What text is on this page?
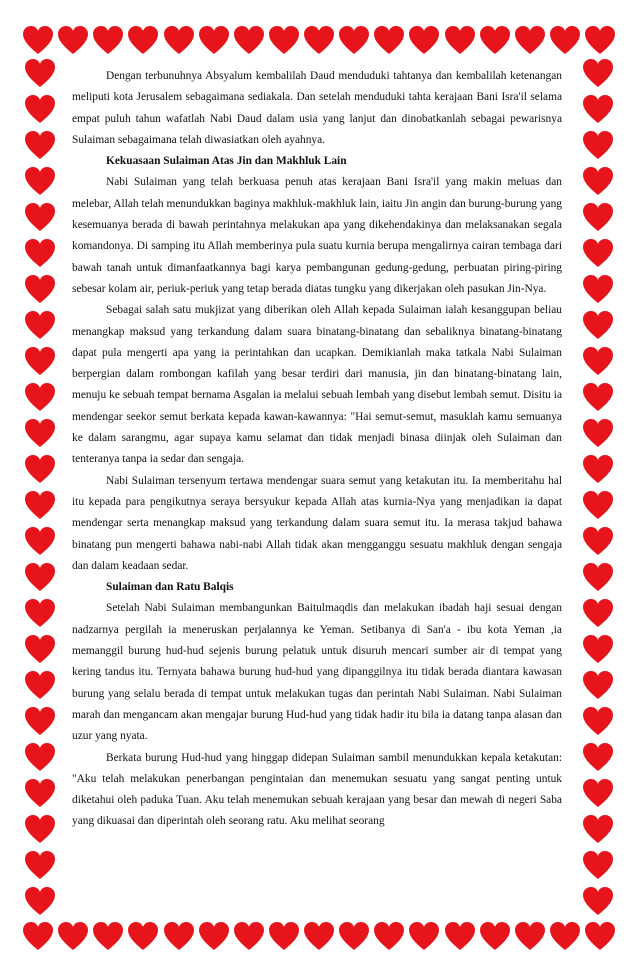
Dengan terbunuhnya Absyalum kembalilah Daud menduduki tahtanya dan kembalilah ketenangan meliputi kota Jerusalem sebagaimana sediakala. Dan setelah menduduki tahta kerajaan Bani Isra'il selama empat puluh tahun wafatlah Nabi Daud dalam usia yang lanjut dan dinobatkanlah sebagai pewarisnya Sulaiman sebagaimana telah diwasiatkan oleh ayahnya.

Kekuasaan Sulaiman Atas Jin dan Makhluk Lain

Nabi Sulaiman yang telah berkuasa penuh atas kerajaan Bani Isra'il yang makin meluas dan melebar, Allah telah menundukkan baginya makhluk-makhluk lain, iaitu Jin angin dan burung-burung yang kesemuanya berada di bawah perintahnya melakukan apa yang dikehendakinya dan melaksanakan segala komandonya. Di samping itu Allah memberinya pula suatu kurnia berupa mengalirnya cairan tembaga dari bawah tanah untuk dimanfaatkannya bagi karya pembangunan gedung-gedung, perbuatan piring-piring sebesar kolam air, periuk-periuk yang tetap berada diatas tungku yang dikerjakan oleh pasukan Jin-Nya.

Sebagai salah satu mukjizat yang diberikan oleh Allah kepada Sulaiman ialah kesanggupan beliau menangkap maksud yang terkandung dalam suara binatang-binatang dan sebaliknya binatang-binatang dapat pula mengerti apa yang ia perintahkan dan ucapkan. Demikianlah maka tatkala Nabi Sulaiman berpergian dalam rombongan kafilah yang besar terdiri dari manusia, jin dan binatang-binatang lain, menuju ke sebuah tempat bernama Asgalan ia melalui sebuah lembah yang disebut lembah semut. Disitu ia mendengar seekor semut berkata kepada kawan-kawannya: "Hai semut-semut, masuklah kamu semuanya ke dalam sarangmu, agar supaya kamu selamat dan tidak menjadi binasa diinjak oleh Sulaiman dan tenteranya tanpa ia sedar dan sengaja.

Nabi Sulaiman tersenyum tertawa mendengar suara semut yang ketakutan itu. Ia memberitahu hal itu kepada para pengikutnya seraya bersyukur kepada Allah atas kurnia-Nya yang menjadikan ia dapat mendengar serta menangkap maksud yang terkandung dalam suara semut itu. Ia merasa takjud bahawa binatang pun mengerti bahawa nabi-nabi Allah tidak akan mengganggu sesuatu makhluk dengan sengaja dan dalam keadaan sedar.

Sulaiman dan Ratu Balqis

Setelah Nabi Sulaiman membangunkan Baitulmaqdis dan melakukan ibadah haji sesuai dengan nadzarnya pergilah ia meneruskan perjalannya ke Yeman. Setibanya di San'a - ibu kota Yeman ,ia memanggil burung hud-hud sejenis burung pelatuk untuk disuruh mencari sumber air di tempat yang kering tandus itu. Ternyata bahawa burung hud-hud yang dipanggilnya itu tidak berada diantara kawasan burung yang selalu berada di tempat untuk melakukan tugas dan perintah Nabi Sulaiman. Nabi Sulaiman marah dan mengancam akan mengajar burung Hud-hud yang tidak hadir itu bila ia datang tanpa alasan dan uzur yang nyata.

Berkata burung Hud-hud yang hinggap didepan Sulaiman sambil menundukkan kepala ketakutan: "Aku telah melakukan penerbangan pengintaian dan menemukan sesuatu yang sangat penting untuk diketahui oleh paduka Tuan. Aku telah menemukan sebuah kerajaan yang besar dan mewah di negeri Saba yang dikuasai dan diperintah oleh seorang ratu. Aku melihat seorang
